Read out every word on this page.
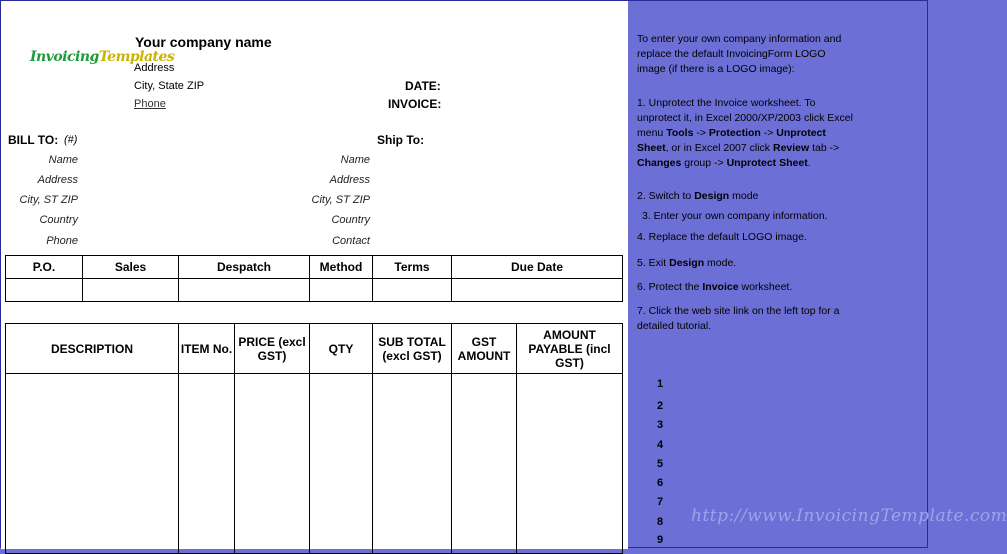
InvoicingTemplates
Your company name
Address
City, State ZIP
Phone
DATE:
INVOICE:
BILL TO: (#)
Name
Address
City, ST ZIP
Country
Phone
Ship To:
Name
Address
City, ST ZIP
Country
Contact
P.O.	Sales	Despatch	Method	Terms	Due Date

DESCRIPTION	ITEM No.	PRICE (excl GST)	QTY	SUB TOTAL (excl GST)	GST AMOUNT	AMOUNT PAYABLE (incl GST)

To enter your own company information and replace the default InvoicingForm LOGO image (if there is a LOGO image):
1. Unprotect the Invoice worksheet. To unprotect it, in Excel 2000/XP/2003 click Excel menu Tools -> Protection -> Unprotect Sheet, or in Excel 2007 click Review tab -> Changes group -> Unprotect Sheet.
2. Switch to Design mode
3. Enter your own company information.
4. Replace the default LOGO image.
5. Exit Design mode.
6. Protect the Invoice worksheet.
7. Click the web site link on the left top for a detailed tutorial.
1
2
3
4
5
6
7
8
9
http://www.InvoicingTemplate.com
